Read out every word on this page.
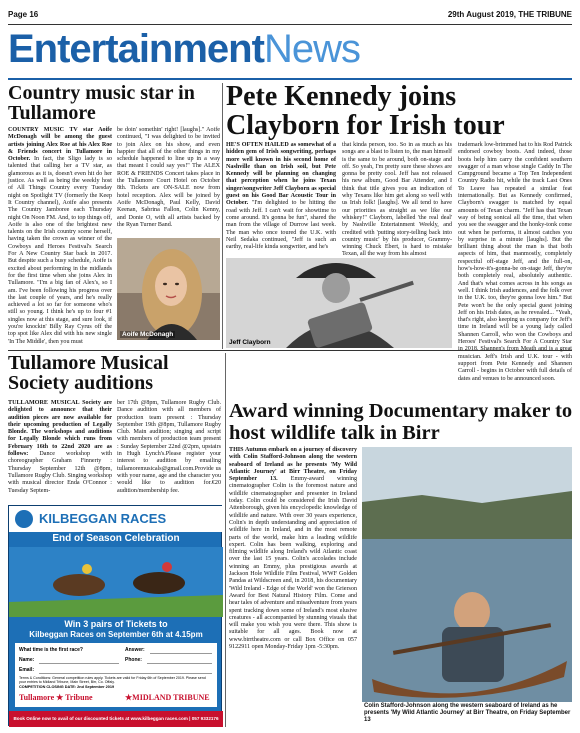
Page 16	29th August 2019, THE TRIBUNE
EntertainmentNews
Country music star in Tullamore
COUNTRY MUSIC TV star Aoife McDonagh will be among the guest artists joining Alex Roe at his Alex Roe & Friends concert in Tullamore in October. In fact, the Sligo lady is so talented that calling her a TV star, as glamorous as it is, doesn't even hit do her justice. As well as being the weekly host of All Things Country every Tuesday night on Spotlight TV (formerly the Keep It Country channel), Aoife also presents The Country Jamboree each Thursday night On Noon FM. And, to top things off, Aoife is also one of the brightest new talents on the Irish country scene herself, having taken the crown as winner of the Cowboys and Heroes Festival's Search For A New Country Star back in 2017. But despite such a busy schedule, Aoife is excited about performing in the midlands for the first time when she joins Alex in Tullamore. "I'm a big fan of Alex's, so I am. I've been following his progress over the last couple of years, and he's really achieved a lot so far for someone who's still so young. I think he's up to four #1 singles now at this stage, and sure look, if you're knockin' Billy Ray Cyrus off the top spot like Alex did with his new single 'In The Middle', then you must
be doin' somethin' right! [laughs]." Aoife continued, "I was delighted to be invited to join Alex on his show, and even happier that all of the other things in my schedule happened to line up in a way that meant I could say yes!" The ALEX ROE & FRIENDS Concert takes place in the Tullamore Court Hotel on October 8th. Tickets are ON-SALE now from hotel reception. Alex will be joined by Aoife McDonagh, Paul Kelly, David Keenan, Sabrina Fallon, Colin Kenny, and Donie O, with all artists backed by the Ryan Turner Band.
Aoife McDonagh
Pete Kennedy joins Clayborn for Irish tour
HE'S OFTEN HAILED as somewhat of a hidden gem of Irish songwriting, perhaps more well known in his second home of Nashville than on Irish soil, but Pete Kennedy will be planning on changing that perception when he joins Texan singer/songwriter Jeff Clayborn as special guest on his Good Bar Acoustic Tour in October. "I'm delighted to be hitting the road with Jeff. I can't wait for showtime to come around. It's gonna be fun", shared the man from the village of Durrow last week. The man who once toured the U.K. with Neil Sedaka continued, "Jeff is such an earthy, real-life kinda songwriter, and he's
that kinda person, too. So in as much as his songs are a blast to listen to, the man himself is the same to be around, both on-stage and off. So yeah, I'm pretty sure these shows are gonna be pretty cool. Jeff has not released his new album, Good Bar Attender, and I think that title gives you an indication of why Texans like him get along so well with us Irish folk! [laughs]. We all tend to have our priorities as straight as we like our whiskey!" Clayborn, labelled 'the real deal' by Nashville Entertainment Weekly, and credited with 'putting story-telling back into country music' by his producer, Grammy-winning Chuck Ebert, is hard to mistake Texan, all the way from his almost
trademark low-brimmed hat to his Rod Patrick endorsed cowboy boots. And indeed, those boots help him carry the confident southern swagger of a man whose single Caddy In The Campground became a Top Ten Independent Country Radio hit, while the track Last Ones To Leave has repeated a similar feat internationally. But as Kennedy confirmed, Clayborn's swagger is matched by equal amounts of Texan charm. "Jeff has that Texan way of being sonical all the time, that when you see the swagger and the honky-tonk come out when he performs, it almost catches you by surprise in a minute [laughs]. But the brilliant thing about the man is that both aspects of him, that manmostly, completely respectful off-stage Jeff, and the full-on, how's-how-it's-gonna-be on-stage Jeff, they're both completely real, absolutely authentic. And that's what comes across in his songs as well. I think Irish audiences, and the folk over in the U.K. too, they're gonna love him." But Pete won't be the only special guest joining Jeff on his Irish dates, as he revealed... "Yeah, that's right, also keeping us company for Jeff's time in Ireland will be a young lady called Shannen Carroll, who won the Cowboys and Heroes' Festival's Search For A Country Star musician. Jeff's Irish and U.K. tour - with support from Pete Kennedy and Shannen Carroll - begins in October with full details of dates and venues to be announced soon.
Jeff Clayborn
Tullamore Musical Society auditions
TULLAMORE MUSICAL Society are delighted to announce that their audition pieces are now available for their upcoming production of Legally Blonde. The workshops and auditions for Legally Blonde which runs from February 16th to 22nd 2020 are as follows: Dance workshop with choreographer Graham Finnerty : Thursday September 12th @8pm, Tullamore Rugby Club. Singing workshop with musical director Enda O'Connor : Tuesday Septem-
ber 17th @8pm, Tullamore Rugby Club. Dance audition with all members of production team present : Thursday September 19th @8pm, Tullamore Rugby Club. Main audition; singing and script with members of production team present : Sunday September 22nd @2pm, upstairs in Hugh Lynch's.Please register your interest to audition by emailing tullamoremusicals@gmail.com.Provide us with your name, age and the character you would like to audition for.€20 audition/membership fee.
KILBEGGAN RACES
End of Season Celebration
Win 3 pairs of Tickets to
Kilbeggan Races on September 6th at 4.15pm
What time is the first race?	Answer:
Name:	Phone:
Email:
Terms & Conditions: General competition rules apply. Tickets are valid for Friday 6th of September 2019. Please send your entries to Midland Tribune, Main Street, Birr, Co. Offaly.
COMPETITION CLOSING DATE: 2nd September 2019
Tullamore ★ Tribune	★MIDLAND TRIBUNE
Book Online now to avail of our discounted tickets at www.kilbeggan races.com | 057 9332176
Award winning Documentary maker to host wildlife talk in Birr
THIS Autumn embark on a journey of discovery with Colin Stafford-Johnson along the western seaboard of Ireland as he presents 'My Wild Atlantic Journey' at Birr Theatre, on Friday September 13. Emmy-award winning cinematographer Colin is the foremost nature and wildlife cinematographer and presenter in Ireland today. Colin could be considered the Irish David Attenborough, given his encyclopedic knowledge of wildlife and nature. With over 30 years experience, Colin's in depth understanding and appreciation of wildlife here in Ireland, and in the most remote parts of the world, make him a leading wildlife expert. Colin has been walking, exploring and filming wildlife along Ireland's wild Atlantic coast over the last 15 years. Colin's accolades include winning an Emmy, plus prestigious awards at Jackson Hole Wildlife Film Festival, WWF Golden Pandas at Wildscreen and, in 2018, his documentary 'Wild Ireland - Edge of the World' won the Grierson Award for Best Natural History Film. Come and hear tales of adventure and misadventure from years spent tracking down some of Ireland's most elusive creatures - all accompanied by stunning visuals that will make you wish you were there. This show is suitable for all ages. Book now at www.birrtheatre.com or call Box Office on 057 9122911 open Monday-Friday 1pm -5:30pm.
Colin Stafford-Johnson along the western seaboard of Ireland as he presents 'My Wild Atlantic Journey' at Birr Theatre, on Friday September 13
